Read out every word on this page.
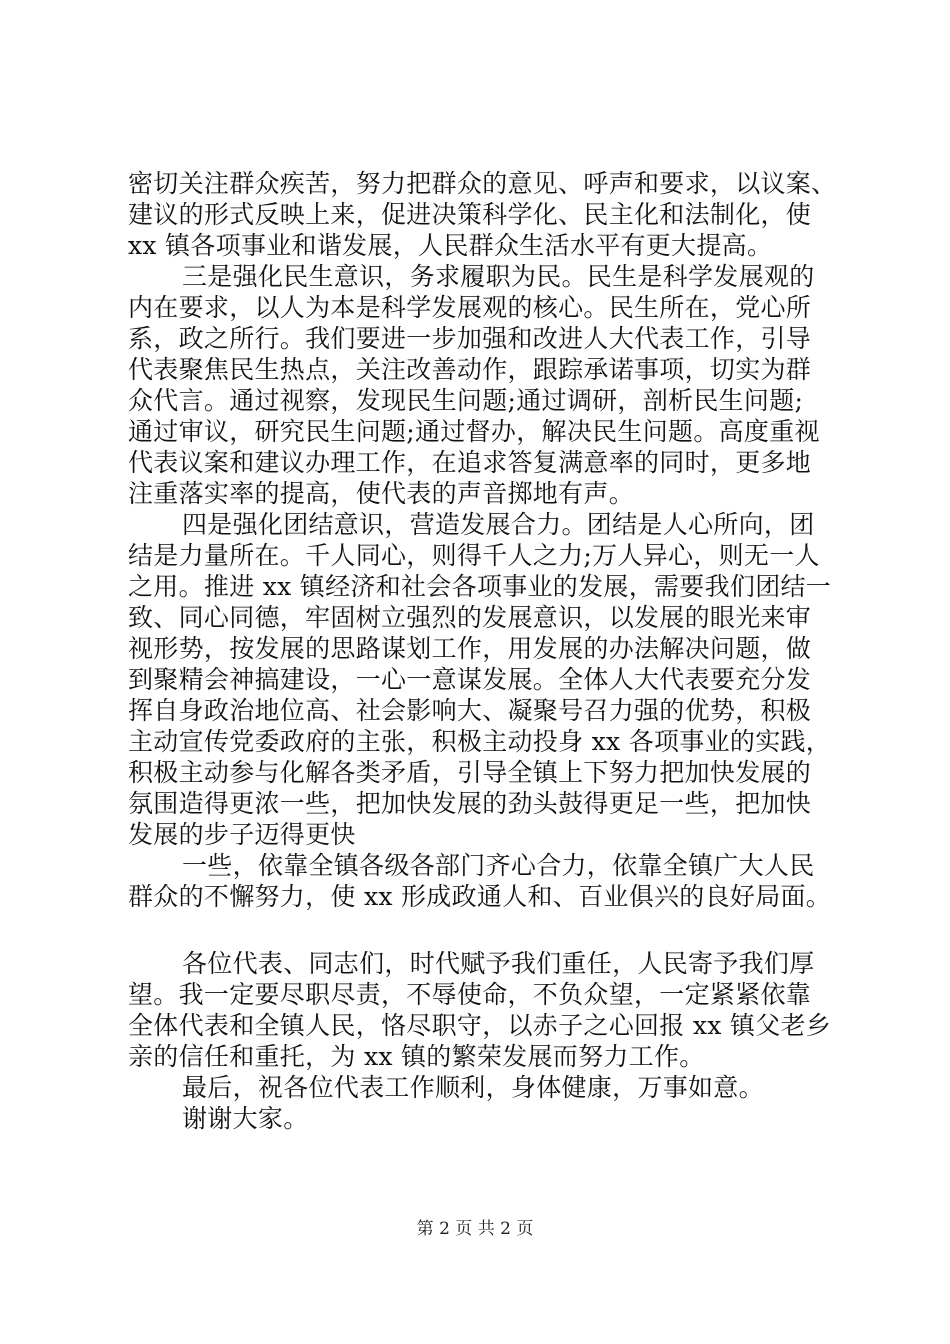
密切关注群众疾苦，努力把群众的意见、呼声和要求，以议案、
建议的形式反映上来，促进决策科学化、民主化和法制化，使
xx 镇各项事业和谐发展，人民群众生活水平有更大提高。
三是强化民生意识，务求履职为民。民生是科学发展观的
内在要求，以人为本是科学发展观的核心。民生所在，党心所
系，政之所行。我们要进一步加强和改进人大代表工作，引导
代表聚焦民生热点，关注改善动作，跟踪承诺事项，切实为群
众代言。通过视察，发现民生问题;通过调研，剖析民生问题;
通过审议，研究民生问题;通过督办，解决民生问题。高度重视
代表议案和建议办理工作，在追求答复满意率的同时，更多地
注重落实率的提高，使代表的声音掷地有声。
四是强化团结意识，营造发展合力。团结是人心所向，团
结是力量所在。千人同心，则得千人之力;万人异心，则无一人
之用。推进 xx 镇经济和社会各项事业的发展，需要我们团结一
致、同心同德，牢固树立强烈的发展意识，以发展的眼光来审
视形势，按发展的思路谋划工作，用发展的办法解决问题，做
到聚精会神搞建设，一心一意谋发展。全体人大代表要充分发
挥自身政治地位高、社会影响大、凝聚号召力强的优势，积极
主动宣传党委政府的主张，积极主动投身 xx 各项事业的实践，
积极主动参与化解各类矛盾，引导全镇上下努力把加快发展的
氛围造得更浓一些，把加快发展的劲头鼓得更足一些，把加快
发展的步子迈得更快
一些，依靠全镇各级各部门齐心合力，依靠全镇广大人民
群众的不懈努力，使 xx 形成政通人和、百业俱兴的良好局面。
各位代表、同志们，时代赋予我们重任，人民寄予我们厚
望。我一定要尽职尽责，不辱使命，不负众望，一定紧紧依靠
全体代表和全镇人民，恪尽职守，以赤子之心回报 xx 镇父老乡
亲的信任和重托，为 xx 镇的繁荣发展而努力工作。
最后，祝各位代表工作顺利，身体健康，万事如意。
谢谢大家。
第 2 页 共 2 页
